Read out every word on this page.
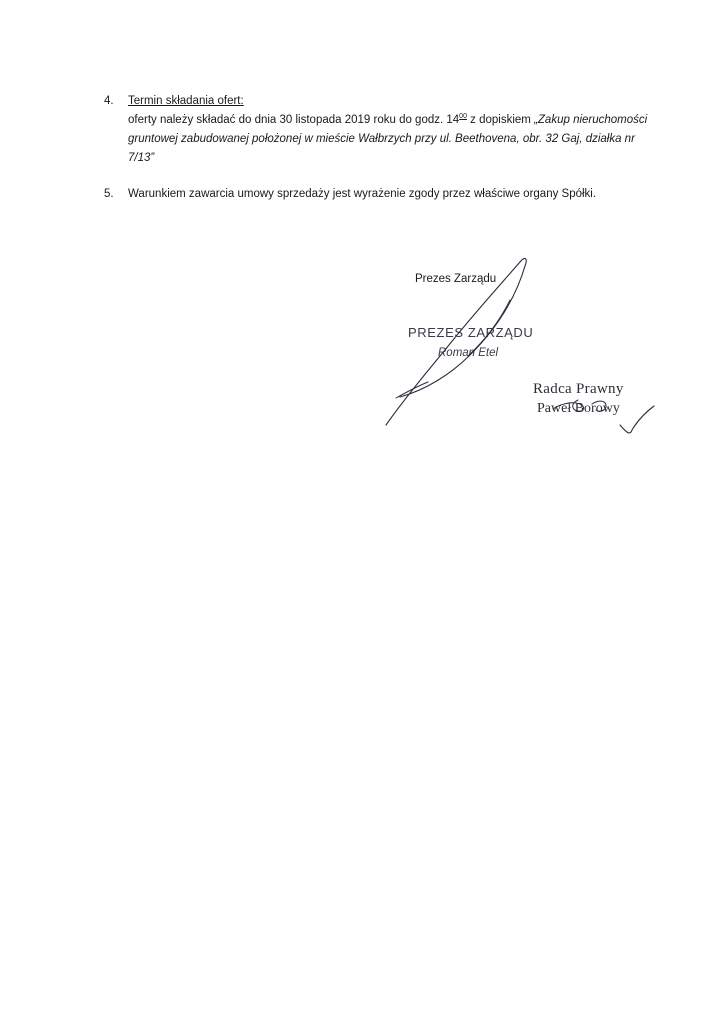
4.	Termin składania ofert:
oferty należy składać do dnia 30 listopada 2019 roku do godz. $14^{00}$ z dopiskiem „Zakup nieruchomości gruntowej zabudowanej położonej w mieście Wałbrzych przy ul. Beethovena, obr. 32 Gaj, działka nr 7/13”
5.	Warunkiem zawarcia umowy sprzedaży jest wyrażenie zgody przez właściwe organy Spółki.
Prezes Zarządu
PREZES ZARZĄDU
Roman Etel
Radca Prawny
Paweł Borowy
